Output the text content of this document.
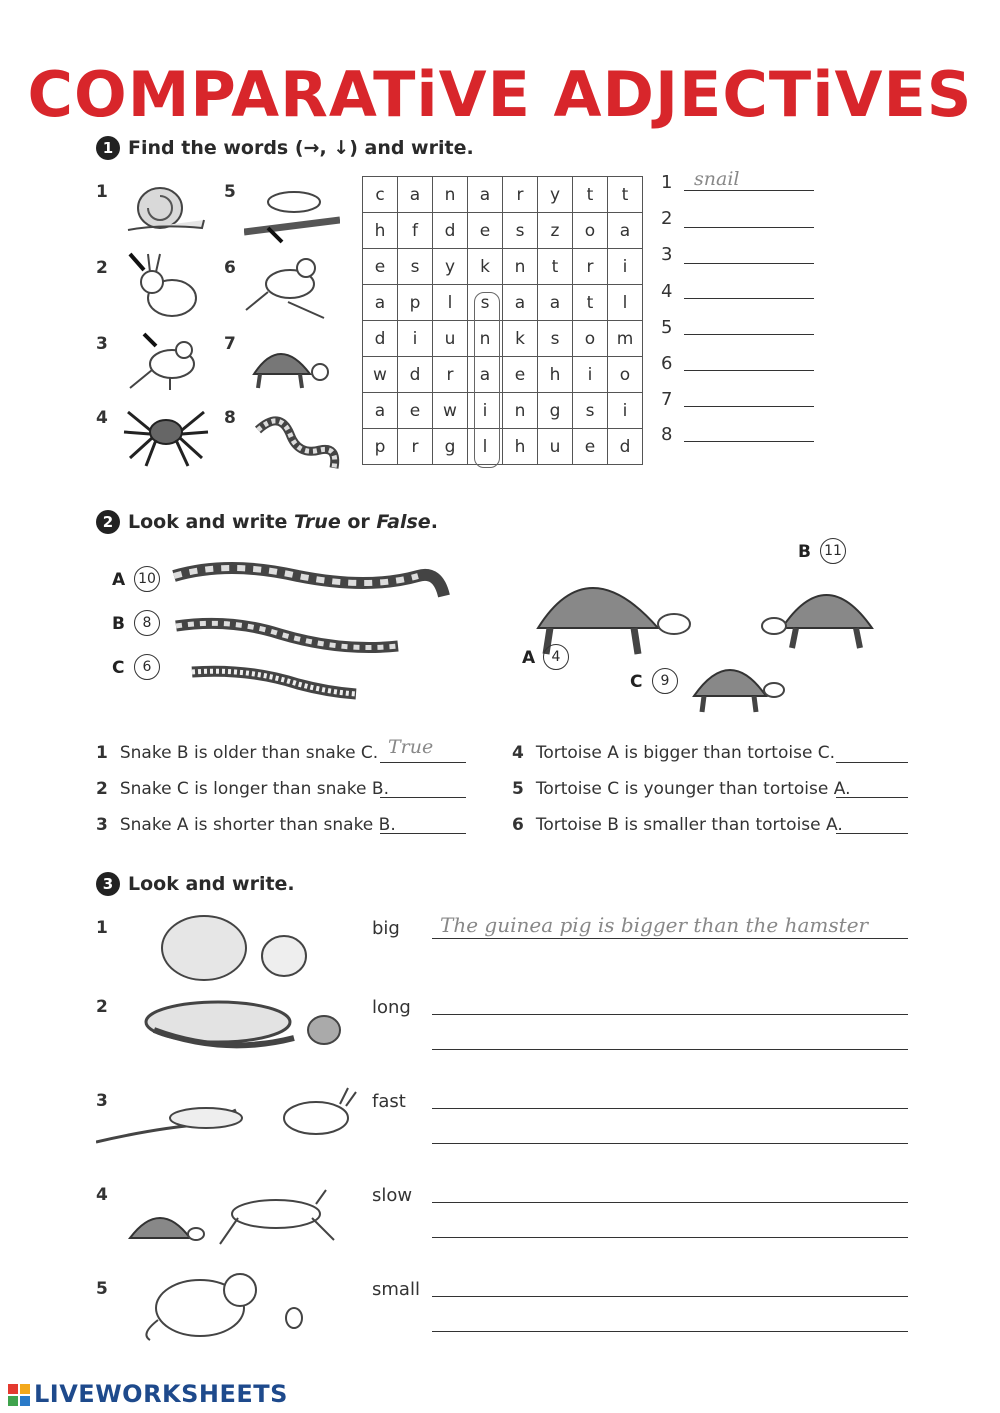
COMPARATiVE ADJECTiVES
1 Find the words (→, ↓) and write.
1
2
3
4
5
6
7
8
c	a	n	a	r	y	t	t
h	f	d	e	s	z	o	a
e	s	y	k	n	t	r	i
a	p	l	s	a	a	t	l
d	i	u	n	k	s	o	m
w	d	r	a	e	h	i	o
a	e	w	i	n	g	s	i
p	r	g	l	h	u	e	d
1 snail
2
3
4
5
6
7
8
2 Look and write True or False.
A 10
B	8
C	6	A	4
B 11
C	9
1 Snake B is older than snake C. True
2 Snake C is longer than snake B.
3 Snake A is shorter than snake B.
4 Tortoise A is bigger than tortoise C.
5 Tortoise C is younger than tortoise A.
6 Tortoise B is smaller than tortoise A.
3 Look and write.
1	big The guinea pig is bigger than the hamster
2	long
3	fast
4	slow
5	small
LIVEWORKSHEETS
